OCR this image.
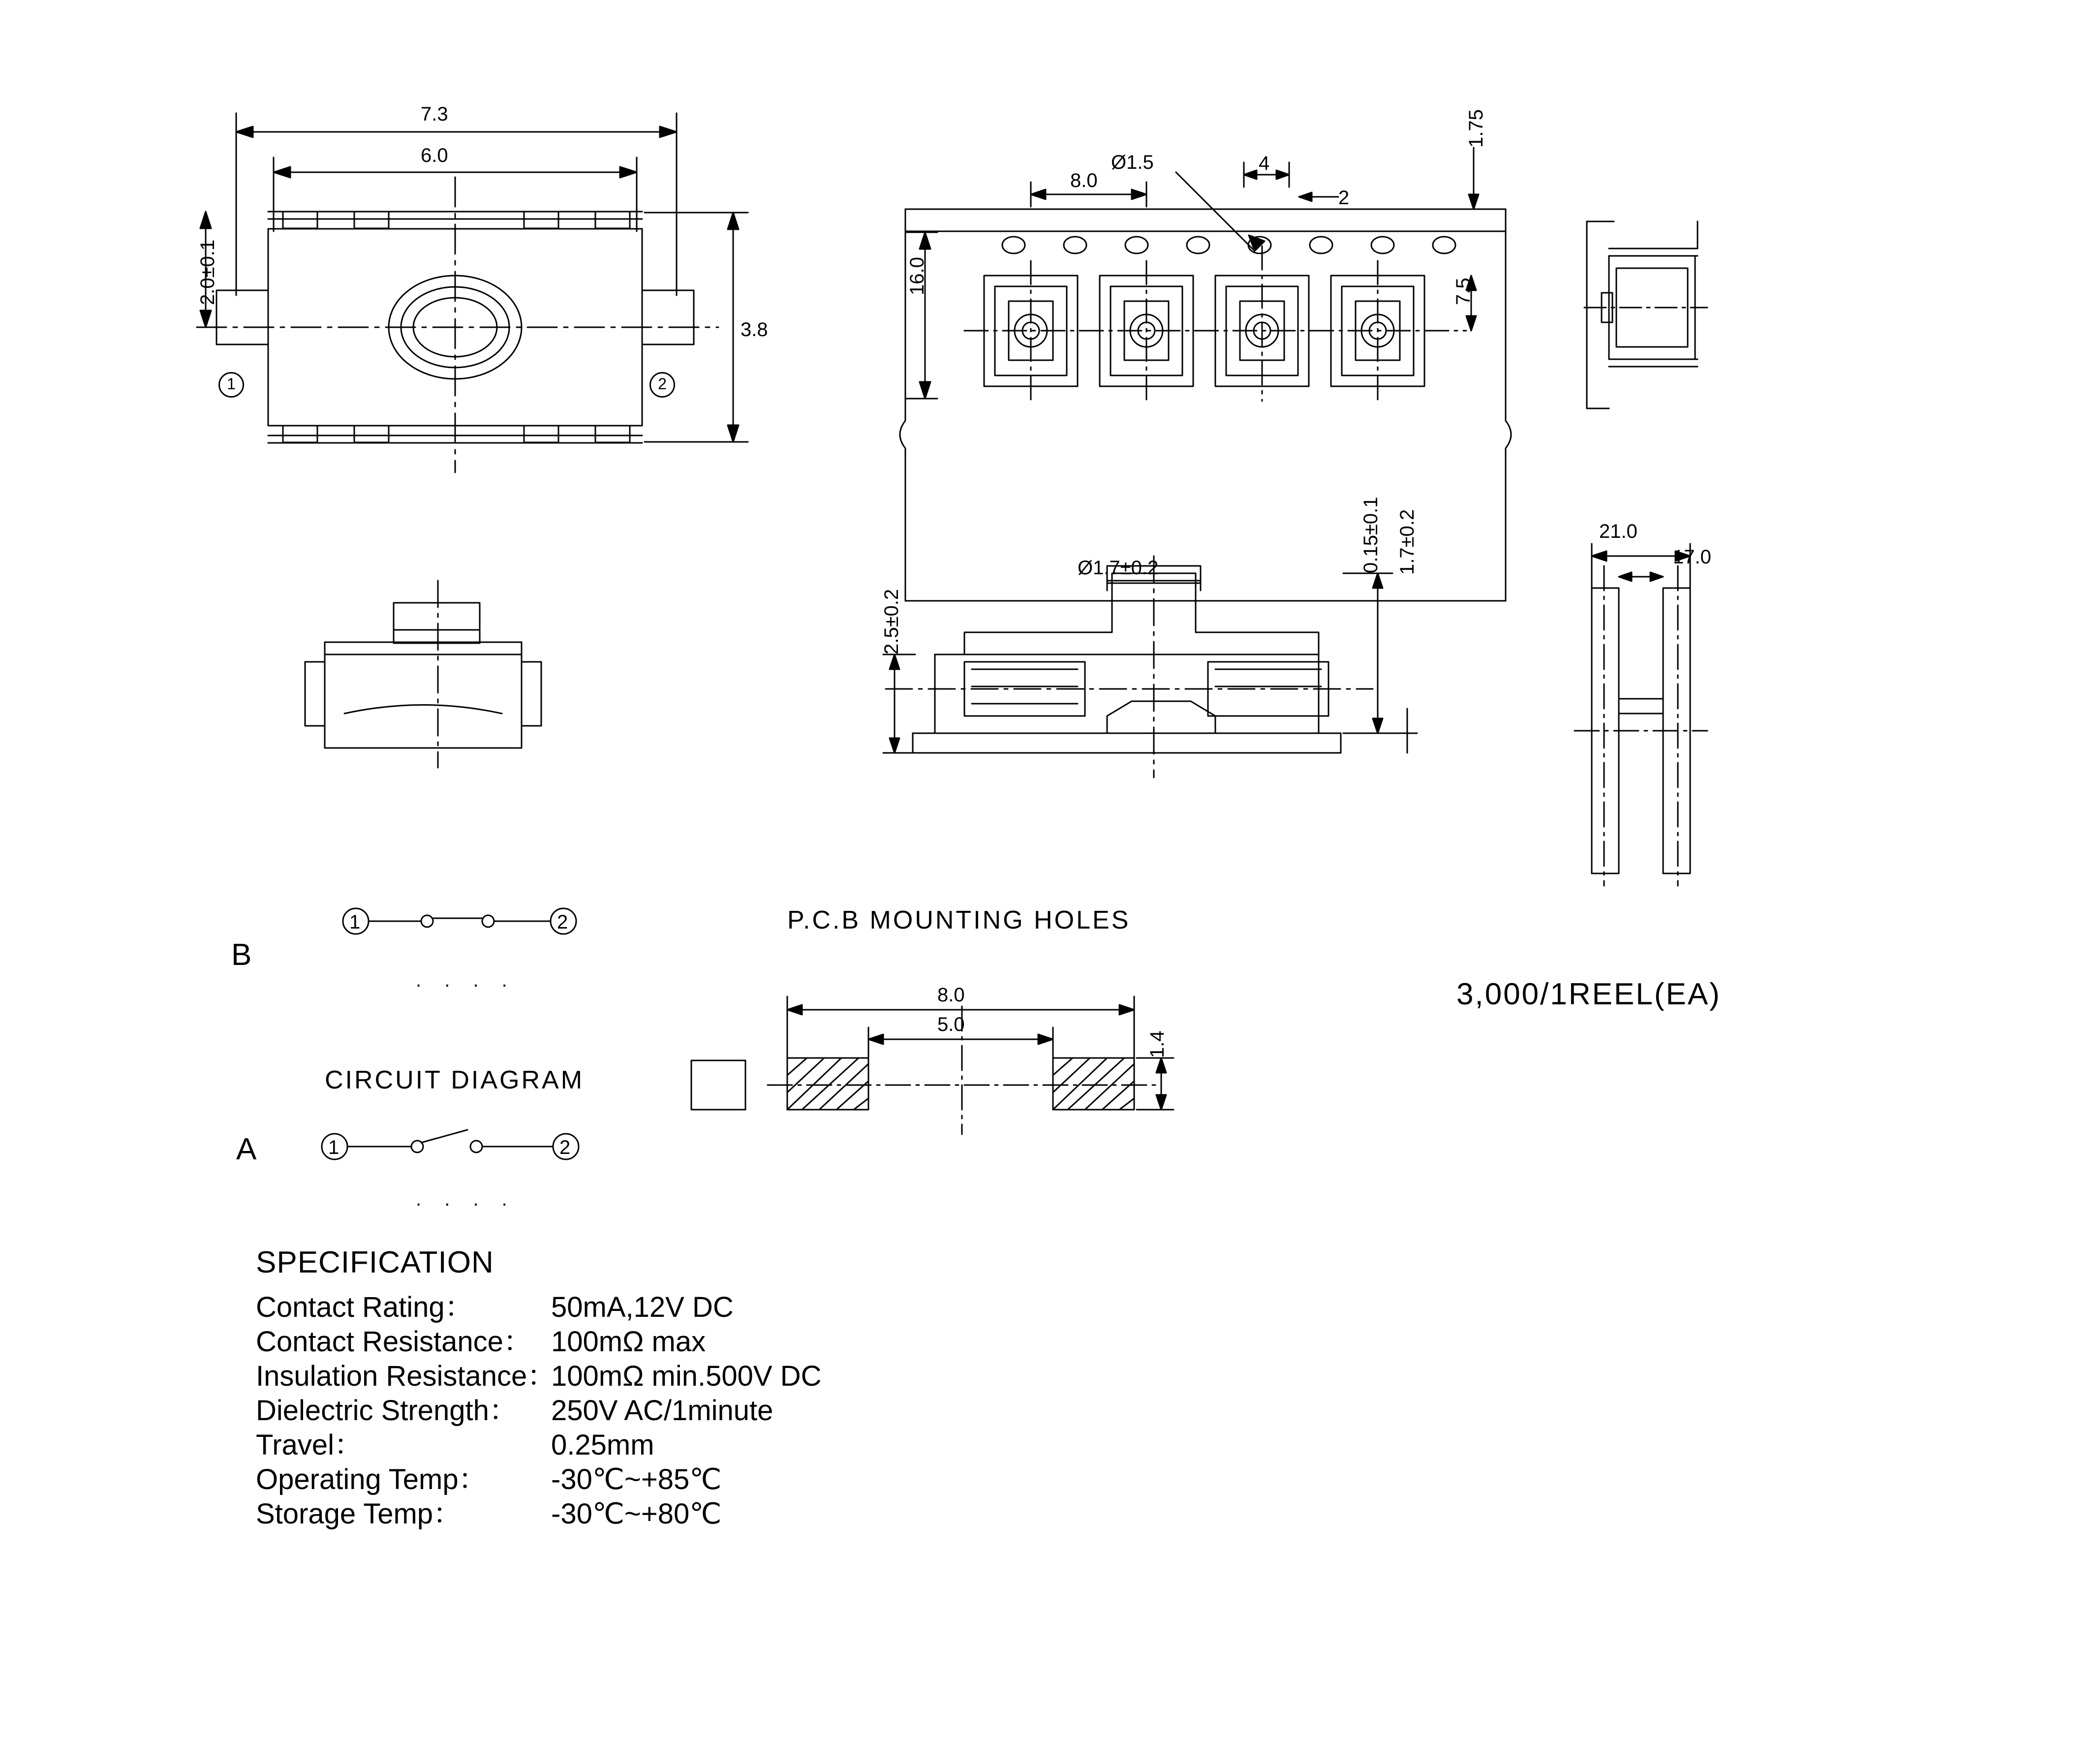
7.3
6.0
3.8
2.0±0.1
1	2
Ø1.5
8.0
4
2
1.75
16.0	7.5
Ø1.7±0.2
2.5±0.2
0.15±0.1 1.7±0.2	21.0
17.0
B
A
1	2
1	2
. . . .
. . . .
CIRCUIT DIAGRAM
P.C.B MOUNTING HOLES
8.0
5.0
1.4
3,000/1REEL(EA)
SPECIFICATION
Contact Rating：	50mA,12V DC
Contact Resistance： 100mΩ max
Insulation Resistance：
100mΩ min.500V DC
Dielectric Strength：	250V AC/1minute
Travel：	0.25mm
Operating Temp：	-30℃~+85℃
Storage Temp：	-30℃~+80℃
